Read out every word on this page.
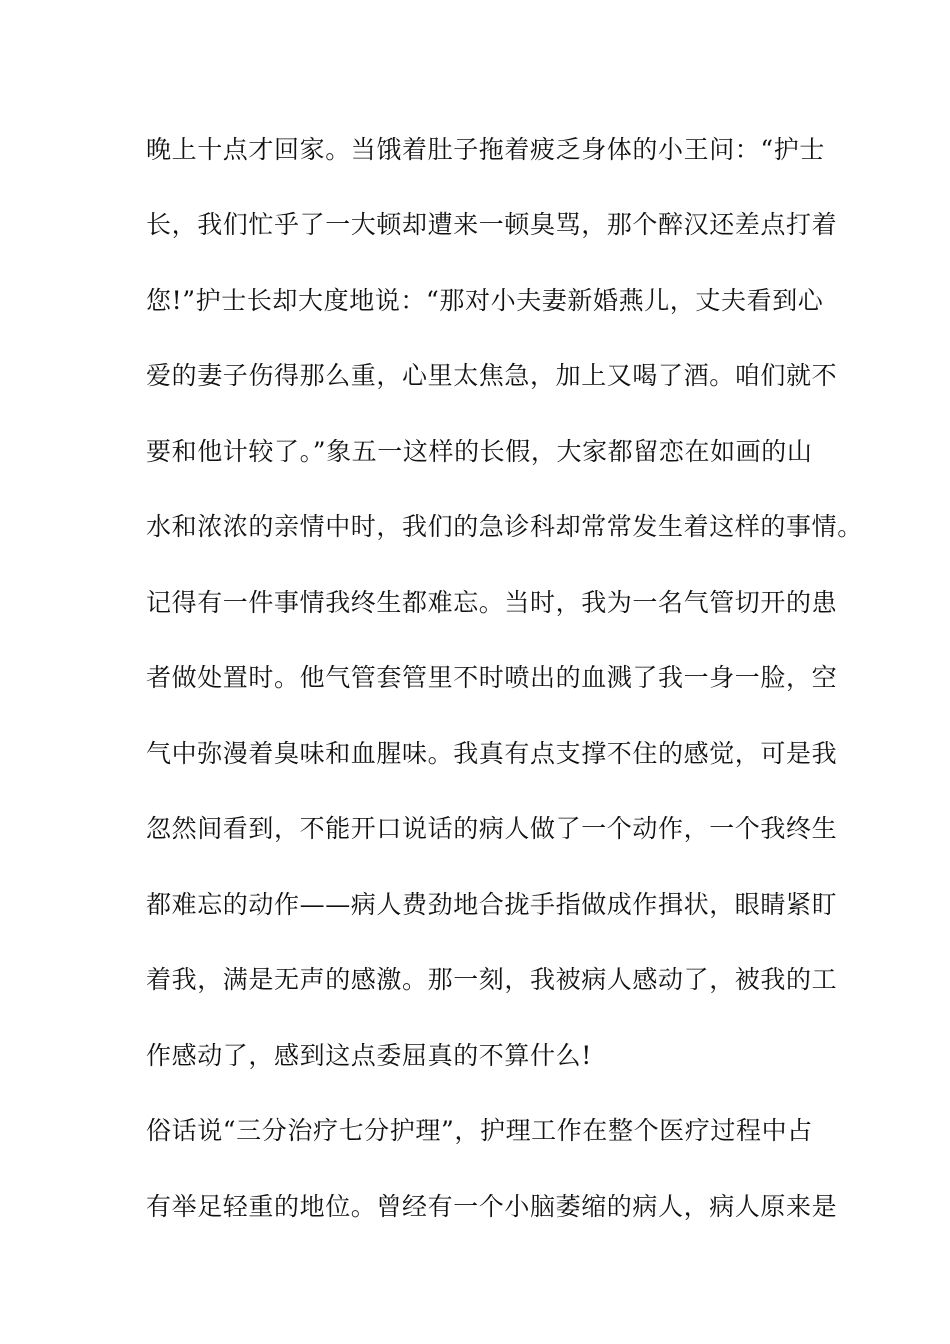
晚上十点才回家。当饿着肚子拖着疲乏身体的小王问：“护士
长，我们忙乎了一大顿却遭来一顿臭骂，那个醉汉还差点打着
您!”护士长却大度地说：“那对小夫妻新婚燕儿，丈夫看到心
爱的妻子伤得那么重，心里太焦急，加上又喝了酒。咱们就不
要和他计较了。”象五一这样的长假，大家都留恋在如画的山
水和浓浓的亲情中时，我们的急诊科却常常发生着这样的事情。
记得有一件事情我终生都难忘。当时，我为一名气管切开的患
者做处置时。他气管套管里不时喷出的血溅了我一身一脸，空
气中弥漫着臭味和血腥味。我真有点支撑不住的感觉，可是我
忽然间看到，不能开口说话的病人做了一个动作，一个我终生
都难忘的动作——病人费劲地合拢手指做成作揖状，眼睛紧盯
着我，满是无声的感激。那一刻，我被病人感动了，被我的工
作感动了，感到这点委屈真的不算什么!
俗话说“三分治疗七分护理”，护理工作在整个医疗过程中占
有举足轻重的地位。曾经有一个小脑萎缩的病人，病人原来是
